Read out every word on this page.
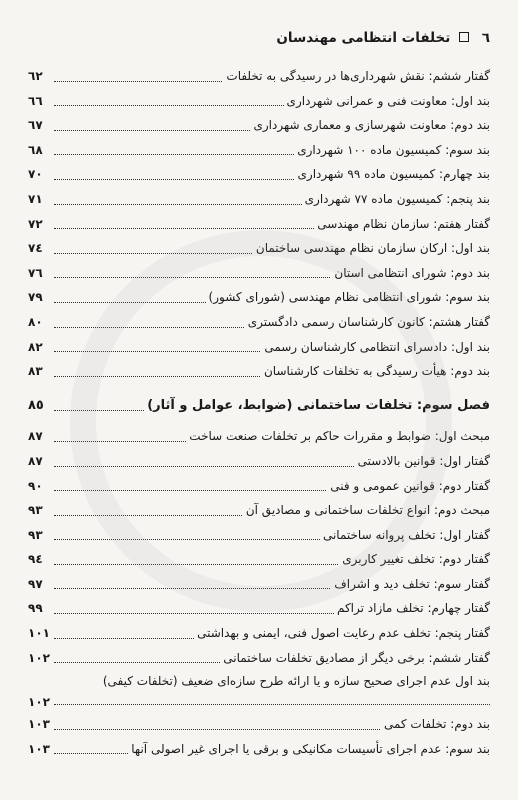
٦  تخلفات انتظامی مهندسان
گفتار ششم: نقش شهرداری‌ها در رسیدگی به تخلفات
٦٢
بند اول: معاونت فنی و عمرانی شهرداری
٦٦
بند دوم: معاونت شهرسازی و معماری شهرداری
٦٧
بند سوم: کمیسیون ماده ١٠٠ شهرداری
٦٨
بند چهارم: کمیسیون ماده ٩٩ شهرداری
٧٠
بند پنجم: کمیسیون ماده ٧٧ شهرداری
٧١
گفتار هفتم: سازمان نظام مهندسی
٧٢
بند اول: ارکان سازمان نظام مهندسی ساختمان
٧٤
بند دوم: شورای انتظامی استان
٧٦
بند سوم: شورای انتظامی نظام مهندسی (شورای کشور)
٧٩
گفتار هشتم: کانون کارشناسان رسمی دادگستری
٨٠
بند اول: دادسرای انتظامی کارشناسان رسمی
٨٢
بند دوم: هیأت رسیدگی به تخلفات کارشناسان
٨٣
فصل سوم: تخلفات ساختمانی (ضوابط، عوامل و آثار)
٨٥
مبحث اول: ضوابط و مقررات حاکم بر تخلفات صنعت ساخت
٨٧
گفتار اول: قوانین بالادستی
٨٧
گفتار دوم: قوانین عمومی و فنی
٩٠
مبحث دوم: انواع تخلفات ساختمانی و مصادیق آن
٩٣
گفتار اول: تخلف پروانه ساختمانی
٩٣
گفتار دوم: تخلف تغییر کاربری
٩٤
گفتار سوم: تخلف دید و اشراف
٩٧
گفتار چهارم: تخلف مازاد تراکم
٩٩
گفتار پنجم: تخلف عدم رعایت اصول فنی، ایمنی و بهداشتی
١٠١
گفتار ششم: برخی دیگر از مصادیق تخلفات ساختمانی
١٠٢
بند اول عدم اجرای صحیح سازه و یا ارائه طرح سازه‌ای ضعیف (تخلفات کیفی)
١٠٢
بند دوم: تخلفات کمی
١٠٣
بند سوم: عدم اجرای تأسیسات مکانیکی و برقی یا اجرای غیر اصولی آنها
١٠٣
